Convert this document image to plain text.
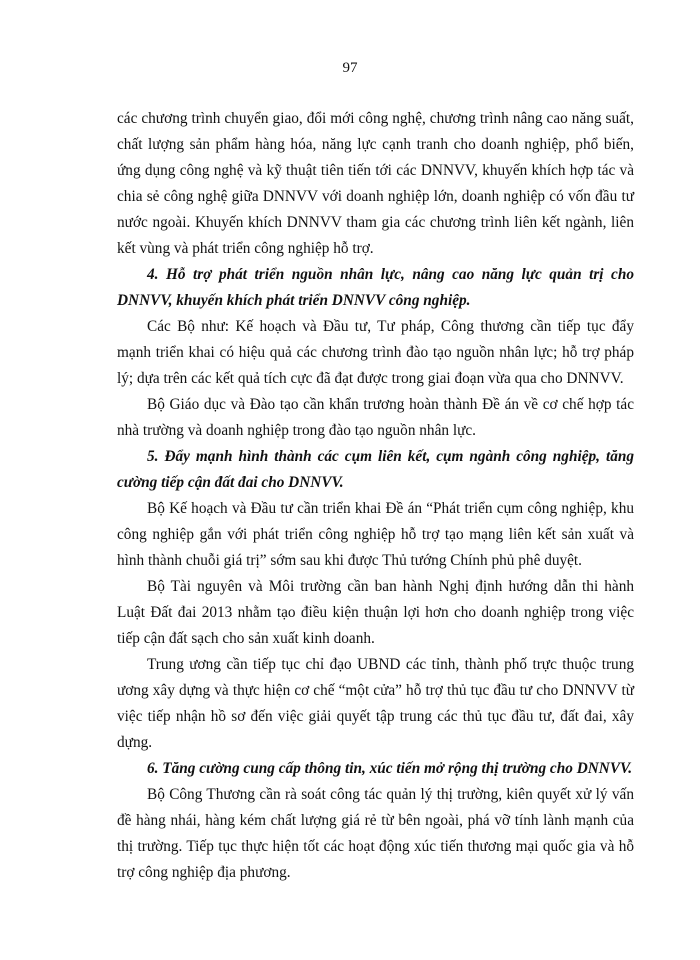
97

các chương trình chuyển giao, đổi mới công nghệ, chương trình nâng cao năng suất, chất lượng sản phẩm hàng hóa, năng lực cạnh tranh cho doanh nghiệp, phổ biến, ứng dụng công nghệ và kỹ thuật tiên tiến tới các DNNVV, khuyến khích hợp tác và chia sẻ công nghệ giữa DNNVV với doanh nghiệp lớn, doanh nghiệp có vốn đầu tư nước ngoài. Khuyến khích DNNVV tham gia các chương trình liên kết ngành, liên kết vùng và phát triển công nghiệp hỗ trợ.

4. Hỗ trợ phát triển nguồn nhân lực, nâng cao năng lực quản trị cho DNNVV, khuyến khích phát triển DNNVV công nghiệp.

Các Bộ như: Kế hoạch và Đầu tư, Tư pháp, Công thương cần tiếp tục đẩy mạnh triển khai có hiệu quả các chương trình đào tạo nguồn nhân lực; hỗ trợ pháp lý; dựa trên các kết quả tích cực đã đạt được trong giai đoạn vừa qua cho DNNVV.

Bộ Giáo dục và Đào tạo cần khẩn trương hoàn thành Đề án về cơ chế hợp tác nhà trường và doanh nghiệp trong đào tạo nguồn nhân lực.

5. Đẩy mạnh hình thành các cụm liên kết, cụm ngành công nghiệp, tăng cường tiếp cận đất đai cho DNNVV.

Bộ Kế hoạch và Đầu tư cần triển khai Đề án “Phát triển cụm công nghiệp, khu công nghiệp gắn với phát triển công nghiệp hỗ trợ tạo mạng liên kết sản xuất và hình thành chuỗi giá trị” sớm sau khi được Thủ tướng Chính phủ phê duyệt.

Bộ Tài nguyên và Môi trường cần ban hành Nghị định hướng dẫn thi hành Luật Đất đai 2013 nhằm tạo điều kiện thuận lợi hơn cho doanh nghiệp trong việc tiếp cận đất sạch cho sản xuất kinh doanh.

Trung ương cần tiếp tục chỉ đạo UBND các tỉnh, thành phố trực thuộc trung ương xây dựng và thực hiện cơ chế “một cửa” hỗ trợ thủ tục đầu tư cho DNNVV từ việc tiếp nhận hồ sơ đến việc giải quyết tập trung các thủ tục đầu tư, đất đai, xây dựng.

6. Tăng cường cung cấp thông tin, xúc tiến mở rộng thị trường cho DNNVV.

Bộ Công Thương cần rà soát công tác quản lý thị trường, kiên quyết xử lý vấn đề hàng nhái, hàng kém chất lượng giá rẻ từ bên ngoài, phá vỡ tính lành mạnh của thị trường. Tiếp tục thực hiện tốt các hoạt động xúc tiến thương mại quốc gia và hỗ trợ công nghiệp địa phương.
